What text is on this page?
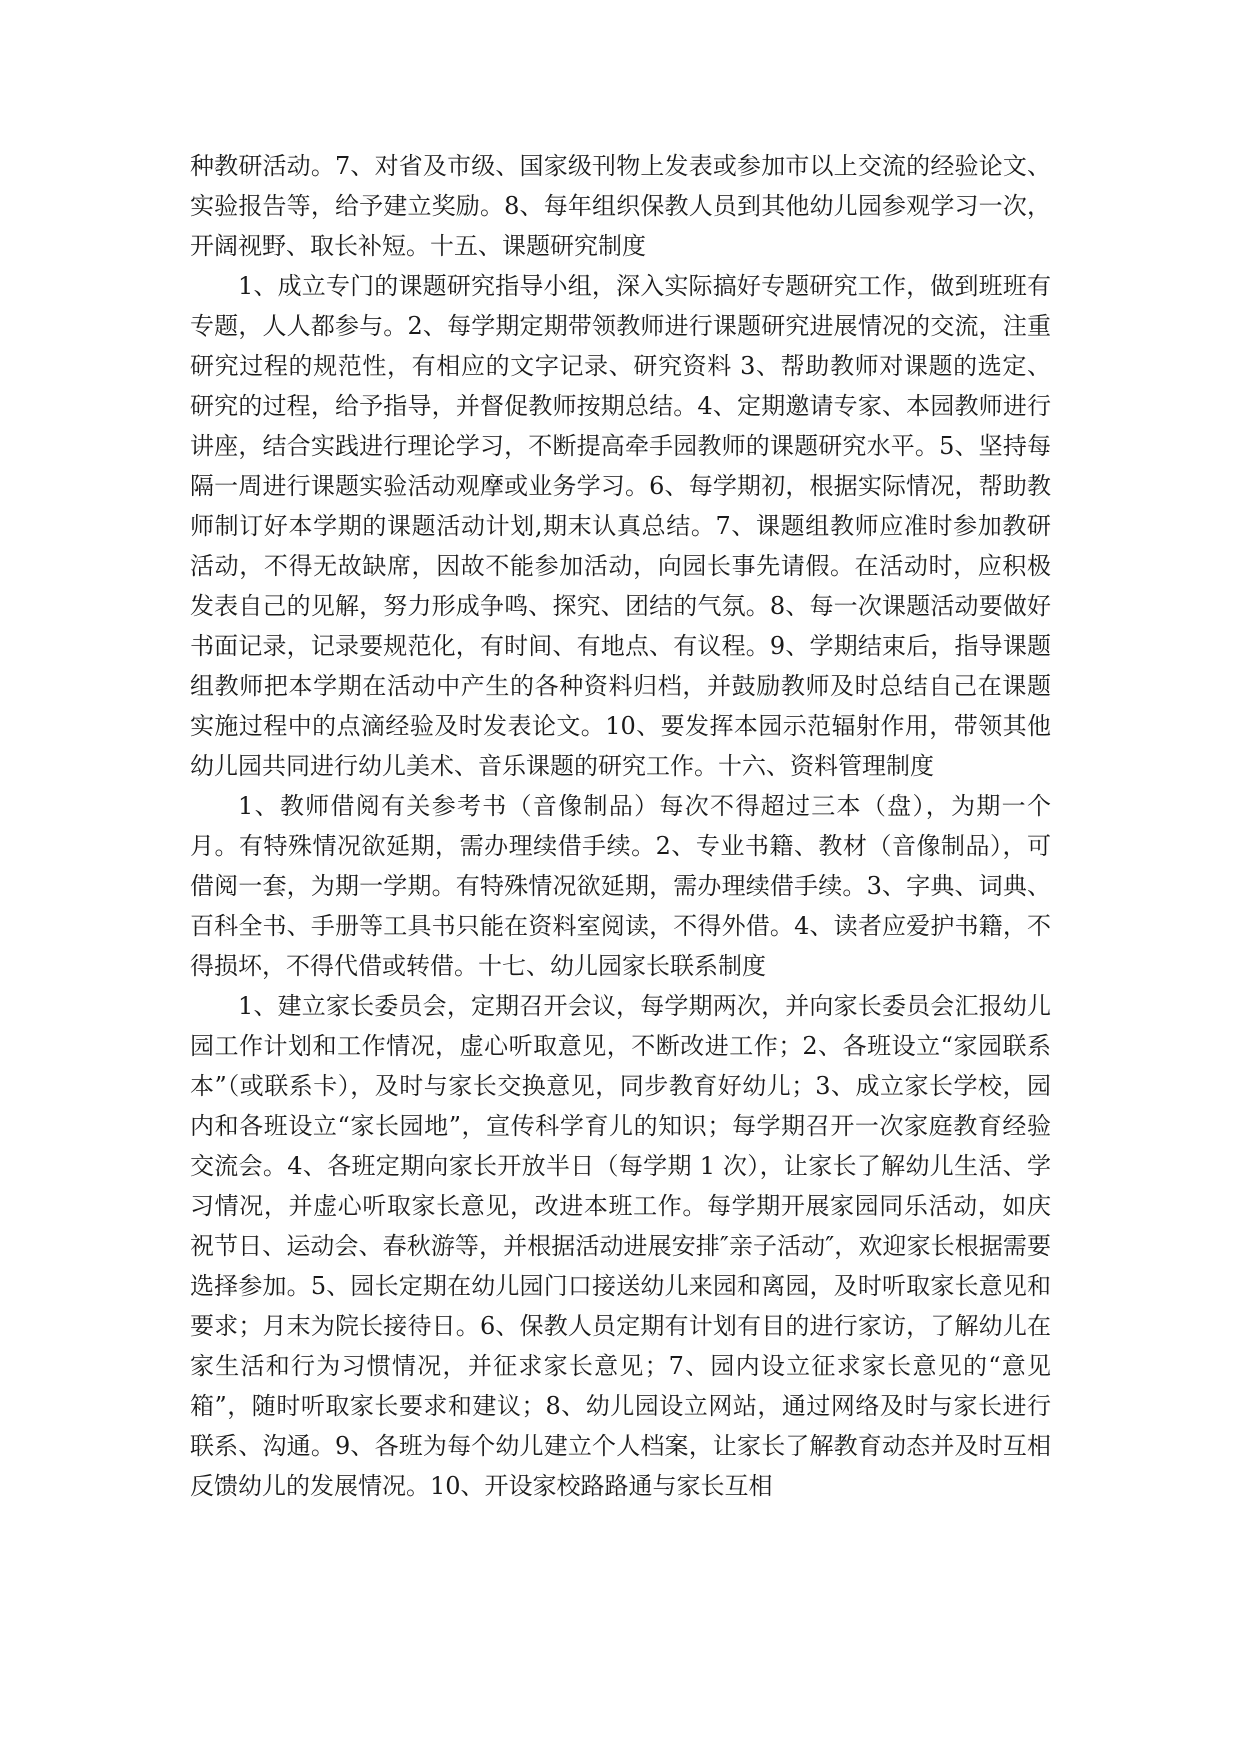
种教研活动。7、对省及市级、国家级刊物上发表或参加市以上交流的经验论文、实验报告等，给予建立奖励。8、每年组织保教人员到其他幼儿园参观学习一次，开阔视野、取长补短。十五、课题研究制度

1、成立专门的课题研究指导小组，深入实际搞好专题研究工作，做到班班有专题，人人都参与。2、每学期定期带领教师进行课题研究进展情况的交流，注重研究过程的规范性，有相应的文字记录、研究资料 3、帮助教师对课题的选定、研究的过程，给予指导，并督促教师按期总结。4、定期邀请专家、本园教师进行讲座，结合实践进行理论学习，不断提高牵手园教师的课题研究水平。5、坚持每隔一周进行课题实验活动观摩或业务学习。6、每学期初，根据实际情况，帮助教师制订好本学期的课题活动计划,期末认真总结。7、课题组教师应准时参加教研活动，不得无故缺席，因故不能参加活动，向园长事先请假。在活动时，应积极发表自己的见解，努力形成争鸣、探究、团结的气氛。8、每一次课题活动要做好书面记录，记录要规范化，有时间、有地点、有议程。9、学期结束后，指导课题组教师把本学期在活动中产生的各种资料归档，并鼓励教师及时总结自己在课题实施过程中的点滴经验及时发表论文。10、要发挥本园示范辐射作用，带领其他幼儿园共同进行幼儿美术、音乐课题的研究工作。十六、资料管理制度

1、教师借阅有关参考书（音像制品）每次不得超过三本（盘），为期一个月。有特殊情况欲延期，需办理续借手续。2、专业书籍、教材（音像制品），可借阅一套，为期一学期。有特殊情况欲延期，需办理续借手续。3、字典、词典、百科全书、手册等工具书只能在资料室阅读，不得外借。4、读者应爱护书籍，不得损坏，不得代借或转借。十七、幼儿园家长联系制度

1、建立家长委员会，定期召开会议，每学期两次，并向家长委员会汇报幼儿园工作计划和工作情况，虚心听取意见，不断改进工作；2、各班设立“家园联系本”（或联系卡），及时与家长交换意见，同步教育好幼儿；3、成立家长学校，园内和各班设立“家长园地”，宣传科学育儿的知识；每学期召开一次家庭教育经验交流会。4、各班定期向家长开放半日（每学期 1 次），让家长了解幼儿生活、学习情况，并虚心听取家长意见，改进本班工作。每学期开展家园同乐活动，如庆祝节日、运动会、春秋游等，并根据活动进展安排″亲子活动″，欢迎家长根据需要选择参加。5、园长定期在幼儿园门口接送幼儿来园和离园，及时听取家长意见和要求；月末为院长接待日。6、保教人员定期有计划有目的进行家访，了解幼儿在家生活和行为习惯情况，并征求家长意见；7、园内设立征求家长意见的“意见箱”，随时听取家长要求和建议；8、幼儿园设立网站，通过网络及时与家长进行联系、沟通。9、各班为每个幼儿建立个人档案，让家长了解教育动态并及时互相反馈幼儿的发展情况。10、开设家校路路通与家长互相
